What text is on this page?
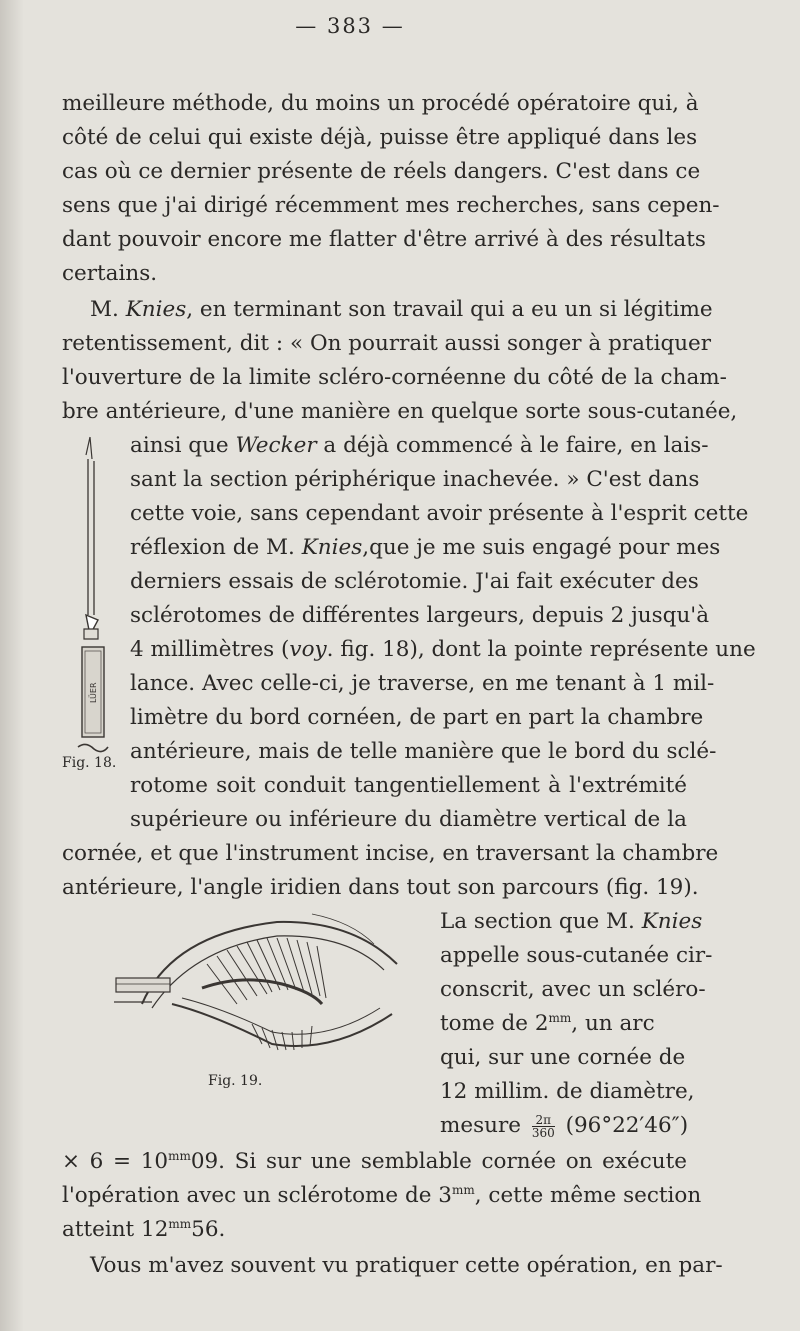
— 383 —
meilleure méthode, du moins un procédé opératoire qui, à
côté de celui qui existe déjà, puisse être appliqué dans les
cas où ce dernier présente de réels dangers. C'est dans ce
sens que j'ai dirigé récemment mes recherches, sans cepen-
dant pouvoir encore me flatter d'être arrivé à des résultats
certains.
M. Knies, en terminant son travail qui a eu un si légitime
retentissement, dit : « On pourrait aussi songer à pratiquer
l'ouverture de la limite scléro-cornéenne du côté de la cham-
bre antérieure, d'une manière en quelque sorte sous-cutanée,
LÜER
Fig. 18.
ainsi que Wecker a déjà commencé à le faire, en lais-
sant la section périphérique inachevée. » C'est dans
cette voie, sans cependant avoir présente à l'esprit cette
réflexion de M. Knies,que je me suis engagé pour mes
derniers essais de sclérotomie. J'ai fait exécuter des
sclérotomes de différentes largeurs, depuis 2 jusqu'à
4 millimètres (voy. fig. 18), dont la pointe représente une
lance. Avec celle-ci, je traverse, en me tenant à 1 mil-
limètre du bord cornéen, de part en part la chambre
antérieure, mais de telle manière que le bord du sclé-
rotome soit conduit tangentiellement à l'extrémité
supérieure ou inférieure du diamètre vertical de la
cornée, et que l'instrument incise, en traversant la chambre
antérieure, l'angle iridien dans tout son parcours (fig. 19).
Fig. 19.
La section que M. Knies
appelle sous-cutanée cir-
conscrit, avec un scléro-
tome de $2^{mm}$, un arc
qui, sur une cornée de
12 millim. de diamètre,
mesure $\frac{2\pi}{360} (96^\circ 22'46'')$
× $6 = 10^{mm}09$. Si sur une semblable cornée on exécute
l'opération avec un sclérotome de $3^{mm}$, cette même section
atteint $12^{mm}56$.
Vous m'avez souvent vu pratiquer cette opération, en par-
